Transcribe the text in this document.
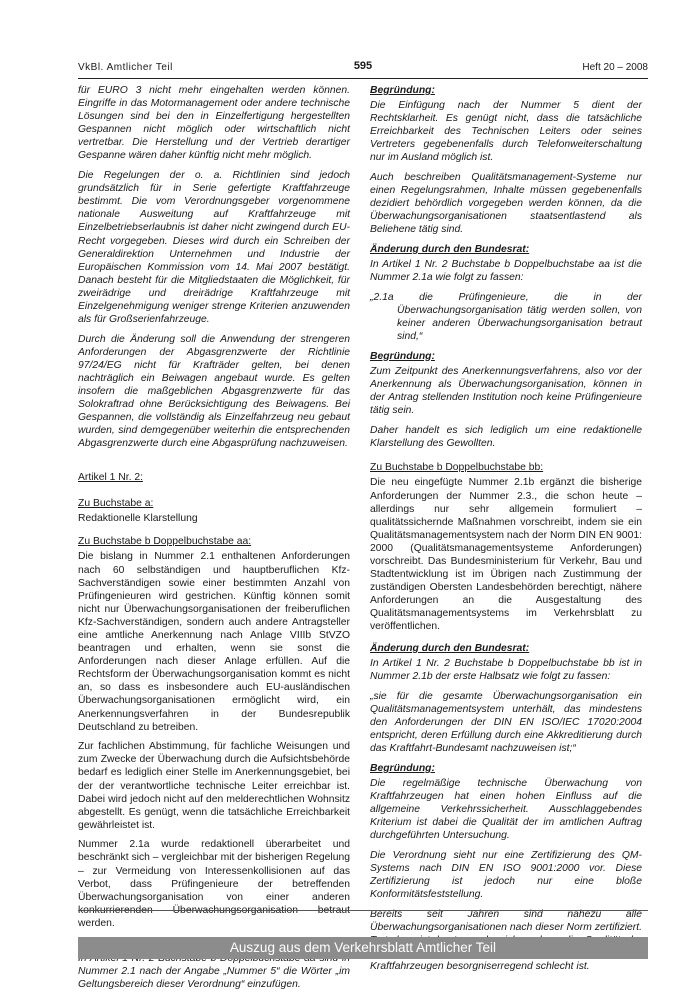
VkBl. Amtlicher Teil	595	Heft 20 – 2008

für EURO 3 nicht mehr eingehalten werden können. Eingriffe in das Motormanagement oder andere technische Lösungen sind bei den in Einzelfertigung hergestellten Gespannen nicht möglich oder wirtschaftlich nicht vertretbar. Die Herstellung und der Vertrieb derartiger Gespanne wären daher künftig nicht mehr möglich.

Die Regelungen der o. a. Richtlinien sind jedoch grundsätzlich für in Serie gefertigte Kraftfahrzeuge bestimmt. Die vom Verordnungsgeber vorgenommene nationale Ausweitung auf Kraftfahrzeuge mit Einzelbetriebserlaubnis ist daher nicht zwingend durch EU-Recht vorgegeben. Dieses wird durch ein Schreiben der Generaldirektion Unternehmen und Industrie der Europäischen Kommission vom 14. Mai 2007 bestätigt. Danach besteht für die Mitgliedstaaten die Möglichkeit, für zweirädrige und dreirädrige Kraftfahrzeuge mit Einzelgenehmigung weniger strenge Kriterien anzuwenden als für Großserienfahrzeuge.

Durch die Änderung soll die Anwendung der strengeren Anforderungen der Abgasgrenzwerte der Richtlinie 97/24/EG nicht für Krafträder gelten, bei denen nachträglich ein Beiwagen angebaut wurde. Es gelten insofern die maßgeblichen Abgasgrenzwerte für das Solokraftrad ohne Berücksichtigung des Beiwagens. Bei Gespannen, die vollständig als Einzelfahrzeug neu gebaut wurden, sind demgegenüber weiterhin die entsprechenden Abgasgrenzwerte durch eine Abgasprüfung nachzuweisen.

Artikel 1 Nr. 2:

Zu Buchstabe a:

Redaktionelle Klarstellung

Zu Buchstabe b Doppelbuchstabe aa:

Die bislang in Nummer 2.1 enthaltenen Anforderungen nach 60 selbständigen und hauptberuflichen Kfz-Sachverständigen sowie einer bestimmten Anzahl von Prüfingenieuren wird gestrichen. Künftig können somit nicht nur Überwachungsorganisationen der freiberuflichen Kfz-Sachverständigen, sondern auch andere Antragsteller eine amtliche Anerkennung nach Anlage VIIIb StVZO beantragen und erhalten, wenn sie sonst die Anforderungen nach dieser Anlage erfüllen. Auf die Rechtsform der Überwachungsorganisation kommt es nicht an, so dass es insbesondere auch EU-ausländischen Überwachungsorganisationen ermöglicht wird, ein Anerkennungsverfahren in der Bundesrepublik Deutschland zu betreiben.

Zur fachlichen Abstimmung, für fachliche Weisungen und zum Zwecke der Überwachung durch die Aufsichtsbehörde bedarf es lediglich einer Stelle im Anerkennungsgebiet, bei der der verantwortliche technische Leiter erreichbar ist. Dabei wird jedoch nicht auf den melderechtlichen Wohnsitz abgestellt. Es genügt, wenn die tatsächliche Erreichbarkeit gewährleistet ist.

Nummer 2.1a wurde redaktionell überarbeitet und beschränkt sich – vergleichbar mit der bisherigen Regelung – zur Vermeidung von Interessenkollisionen auf das Verbot, dass Prüfingenieure der betreffenden Überwachungsorganisation von einer anderen konkurrierenden Überwachungsorganisation betraut werden.

Nummer 2.1 nach der Angabe „Nummer 5“ die Wörter „im Geltungsbereich dieser Verordnung“ einzufügen.

Begründung:

Die Einfügung nach der Nummer 5 dient der Rechtsklarheit. Es genügt nicht, dass die tatsächliche Erreichbarkeit des Technischen Leiters oder seines Vertreters gegebenenfalls durch Telefonweiterschaltung nur im Ausland möglich ist.

Auch beschreiben Qualitätsmanagement-Systeme nur einen Regelungsrahmen, Inhalte müssen gegebenenfalls dezidiert behördlich vorgegeben werden können, da die Überwachungsorganisationen staatsentlastend als Beliehene tätig sind.

Änderung durch den Bundesrat:

In Artikel 1 Nr. 2 Buchstabe b Doppelbuchstabe aa ist die Nummer 2.1a wie folgt zu fassen:

„2.1a die Prüfingenieure, die in der Überwachungsorganisation tätig werden sollen, von keiner anderen Überwachungsorganisation betraut sind,“

Begründung:

Zum Zeitpunkt des Anerkennungsverfahrens, also vor der Anerkennung als Überwachungsorganisation, können in der Antrag stellenden Institution noch keine Prüfingenieure tätig sein.

Daher handelt es sich lediglich um eine redaktionelle Klarstellung des Gewollten.

Zu Buchstabe b Doppelbuchstabe bb:

Die neu eingefügte Nummer 2.1b ergänzt die bisherige Anforderungen der Nummer 2.3., die schon heute – allerdings nur sehr allgemein formuliert – qualitätssichernde Maßnahmen vorschreibt, indem sie ein Qualitätsmanagementsystem nach der Norm DIN EN 9001: 2000 (Qualitätsmanagementsysteme Anforderungen) vorschreibt. Das Bundesministerium für Verkehr, Bau und Stadtentwicklung ist im Übrigen nach Zustimmung der zuständigen Obersten Landesbehörden berechtigt, nähere Anforderungen an die Ausgestaltung des Qualitätsmanagementsystems im Verkehrsblatt zu veröffentlichen.

Änderung durch den Bundesrat:

In Artikel 1 Nr. 2 Buchstabe b Doppelbuchstabe bb ist in Nummer 2.1b der erste Halbsatz wie folgt zu fassen:

„sie für die gesamte Überwachungsorganisation ein Qualitätsmanagementsystem unterhält, das mindestens den Anforderungen der DIN EN ISO/IEC 17020:2004 entspricht, deren Erfüllung durch eine Akkreditierung durch das Kraftfahrt-Bundesamt nachzuweisen ist;“

Begründung:

Die regelmäßige technische Überwachung von Kraftfahrzeugen hat einen hohen Einfluss auf die allgemeine Verkehrssicherheit. Ausschlaggebendes Kriterium ist dabei die Qualität der im amtlichen Auftrag durchgeführten Untersuchung.

Die Verordnung sieht nur eine Zertifizierung des QM-Systems nach DIN EN ISO 9001:2000 vor. Diese Zertifizierung ist jedoch nur eine bloße Konformitätsfeststellung.

Bereits seit Jahren sind nahezu alle Überwachungsorganisationen nach dieser Norm zertifiziert. Kraftfahrzeugen besorgniserregend schlecht ist.

Auszug aus dem Verkehrsblatt Amtlicher Teil
